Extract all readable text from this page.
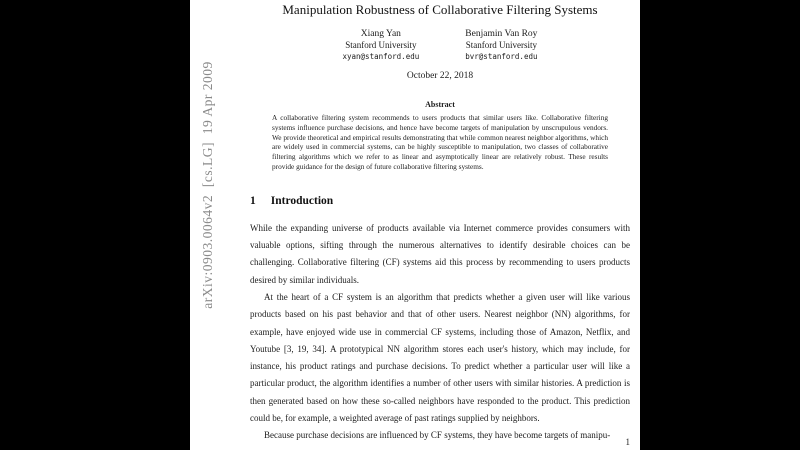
arXiv:0903.0064v2  [cs.LG]  19 Apr 2009
Manipulation Robustness of Collaborative Filtering Systems
Xiang Yan
Stanford University
xyan@stanford.edu
Benjamin Van Roy
Stanford University
bvr@stanford.edu
October 22, 2018
Abstract
A collaborative filtering system recommends to users products that similar users like. Collaborative filtering systems influence purchase decisions, and hence have become targets of manipulation by unscrupulous vendors. We provide theoretical and empirical results demonstrating that while common nearest neighbor algorithms, which are widely used in commercial systems, can be highly susceptible to manipulation, two classes of collaborative filtering algorithms which we refer to as linear and asymptotically linear are relatively robust. These results provide guidance for the design of future collaborative filtering systems.
1 Introduction

While the expanding universe of products available via Internet commerce provides consumers with valuable options, sifting through the numerous alternatives to identify desirable choices can be challenging. Collaborative filtering (CF) systems aid this process by recommending to users products desired by similar individuals.

At the heart of a CF system is an algorithm that predicts whether a given user will like various products based on his past behavior and that of other users. Nearest neighbor (NN) algorithms, for example, have enjoyed wide use in commercial CF systems, including those of Amazon, Netflix, and Youtube [3, 19, 34]. A prototypical NN algorithm stores each user's history, which may include, for instance, his product ratings and purchase decisions. To predict whether a particular user will like a particular product, the algorithm identifies a number of other users with similar histories. A prediction is then generated based on how these so-called neighbors have responded to the product. This prediction could be, for example, a weighted average of past ratings supplied by neighbors.

Because purchase decisions are influenced by CF systems, they have become targets of manipu-

1
